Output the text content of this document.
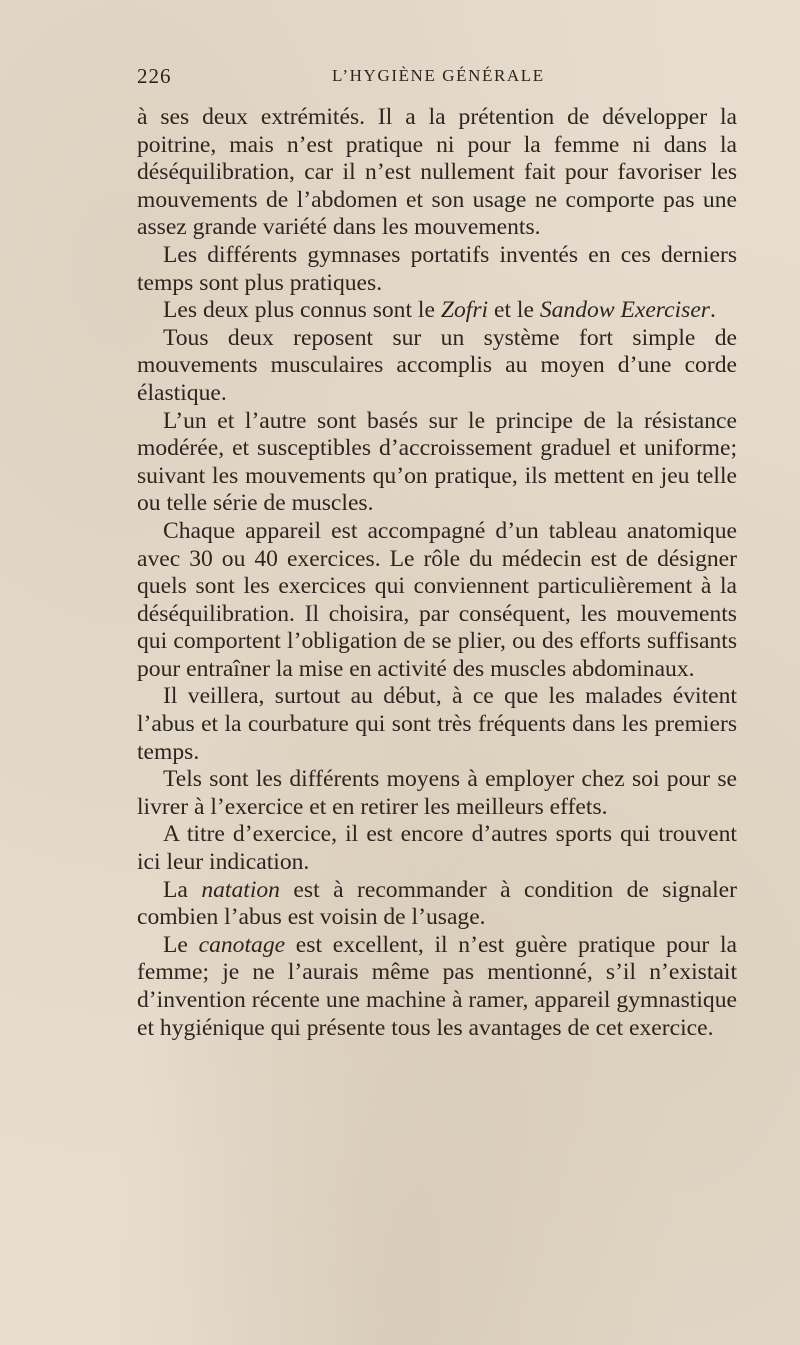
226	L’HYGIÈNE GÉNÉRALE

à ses deux extrémités. Il a la prétention de développer la poitrine, mais n’est pratique ni pour la femme ni dans la déséquilibration, car il n’est nullement fait pour favoriser les mouvements de l’abdomen et son usage ne comporte pas une assez grande variété dans les mouvements.

Les différents gymnases portatifs inventés en ces derniers temps sont plus pratiques.

Les deux plus connus sont le Zofri et le Sandow Exerciser.

Tous deux reposent sur un système fort simple de mouvements musculaires accomplis au moyen d’une corde élastique.

L’un et l’autre sont basés sur le principe de la résistance modérée, et susceptibles d’accroissement graduel et uniforme; suivant les mouvements qu’on pratique, ils mettent en jeu telle ou telle série de muscles.

Chaque appareil est accompagné d’un tableau anatomique avec 30 ou 40 exercices. Le rôle du médecin est de désigner quels sont les exercices qui conviennent particulièrement à la déséquilibration. Il choisira, par conséquent, les mouvements qui comportent l’obligation de se plier, ou des efforts suffisants pour entraîner la mise en activité des muscles abdominaux.

Il veillera, surtout au début, à ce que les malades évitent l’abus et la courbature qui sont très fréquents dans les premiers temps.

Tels sont les différents moyens à employer chez soi pour se livrer à l’exercice et en retirer les meilleurs effets.

A titre d’exercice, il est encore d’autres sports qui trouvent ici leur indication.

La natation est à recommander à condition de signaler combien l’abus est voisin de l’usage.

Le canotage est excellent, il n’est guère pratique pour la femme; je ne l’aurais même pas mentionné, s’il n’existait d’invention récente une machine à ramer, appareil gymnastique et hygiénique qui présente tous les avantages de cet exercice.
